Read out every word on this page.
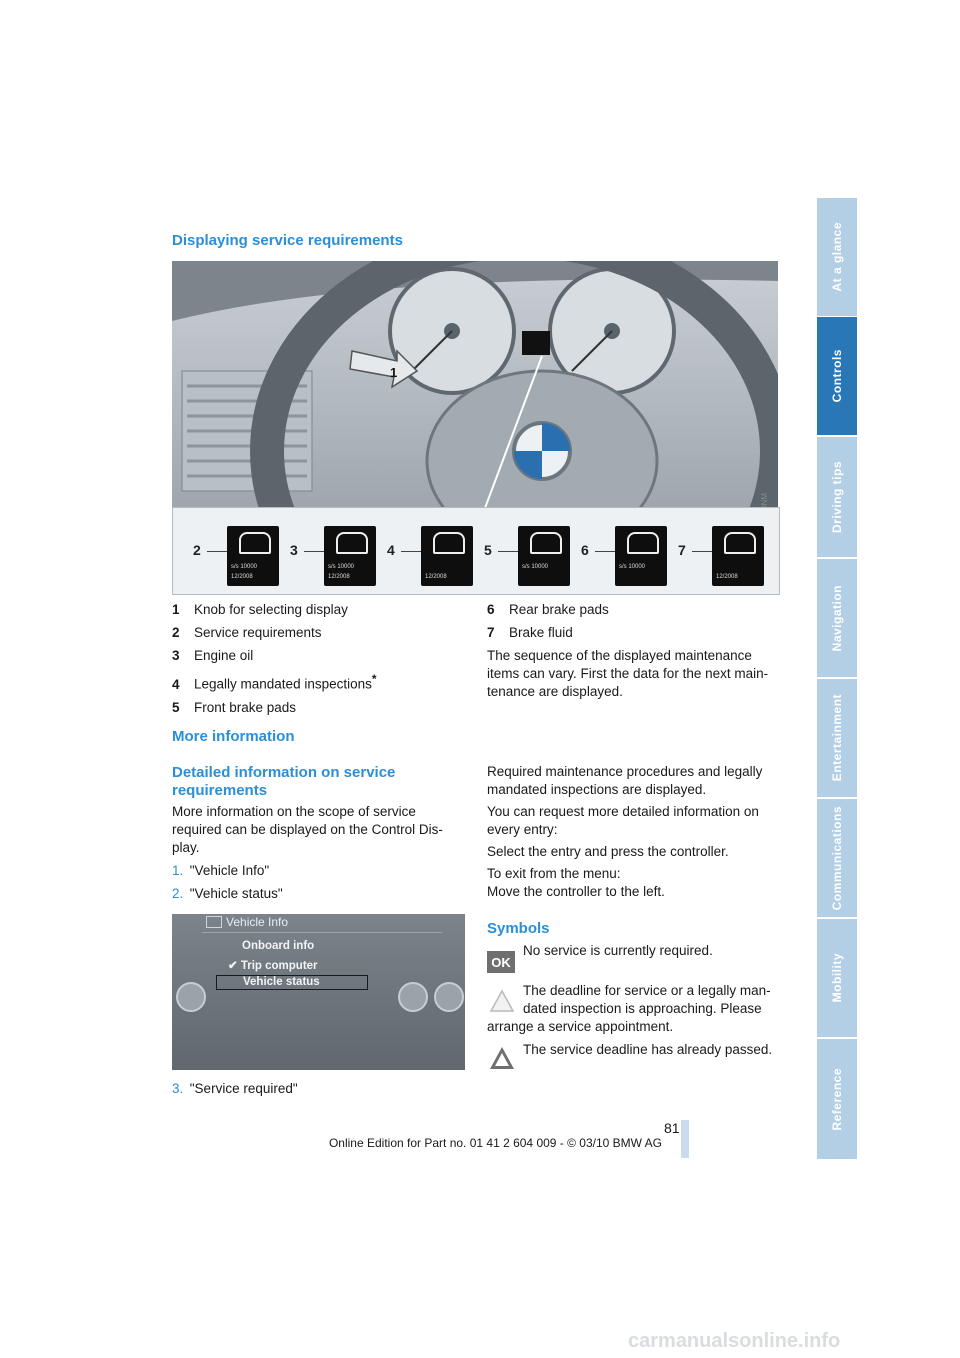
At a glance
Controls
Driving tips
Navigation
Entertainment
Communications
Mobility
Reference
Displaying service requirements
1
2
s/s 10000
12/2008
3
s/s 10000
12/2008
4
12/2008
5
s/s 10000
6
s/s 10000
7
12/2008
1 Knob for selecting display
2 Service requirements
3 Engine oil
4 Legally mandated inspections*
5 Front brake pads
6 Rear brake pads
7 Brake fluid
The sequence of the displayed maintenance items can vary. First the data for the next main-tenance are displayed.
More information
Detailed information on service
requirements
More information on the scope of service required can be displayed on the Control Dis-play.
1. "Vehicle Info"
2. "Vehicle status"
Vehicle Info
Onboard info
✔ Trip computer
Vehicle status
3. "Service required"
Required maintenance procedures and legally mandated inspections are displayed.
You can request more detailed information on every entry:
Select the entry and press the controller.
To exit from the menu:
Move the controller to the left.
Symbols
OK
No service is currently required.
The deadline for service or a legally man-
dated inspection is approaching. Please
arrange a service appointment.
The service deadline has already passed.
81
Online Edition for Part no. 01 41 2 604 009 - © 03/10 BMW AG
carmanualsonline.info
